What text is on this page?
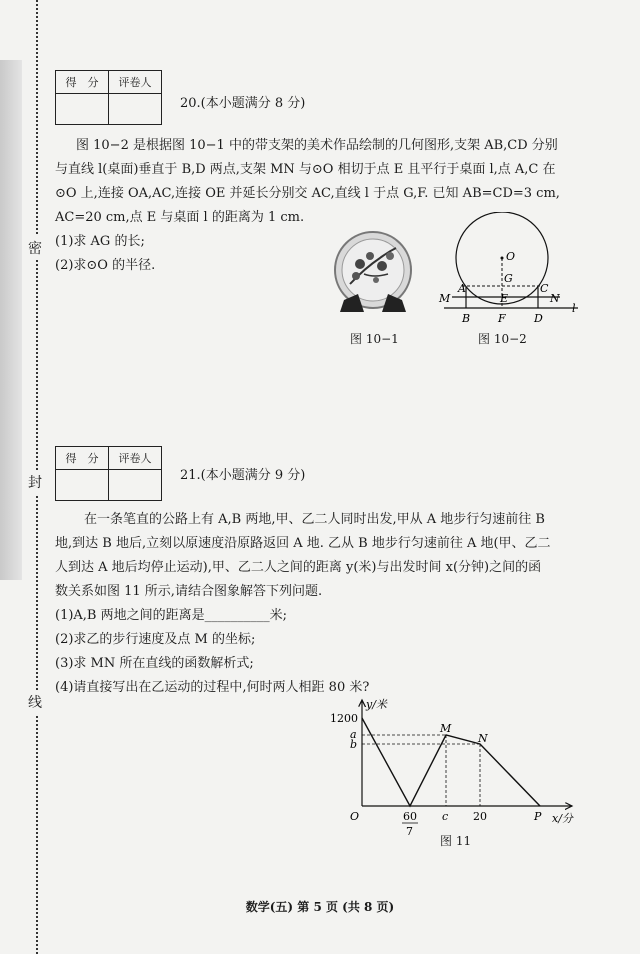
密
封
线
得　分	评卷人

20.(本小题满分 8 分)
图 10−2 是根据图 10−1 中的带支架的美术作品绘制的几何图形,支架 AB,CD 分别
与直线 l(桌面)垂直于 B,D 两点,支架 MN 与⊙O 相切于点 E 且平行于桌面 l,点 A,C 在
⊙O 上,连接 OA,AC,连接 OE 并延长分别交 AC,直线 l 于点 G,F. 已知 AB=CD=3 cm,
AC=20 cm,点 E 与桌面 l 的距离为 1 cm.
(1)求 AG 的长;
(2)求⊙O 的半径.
图 10−1
O
G
A
E
C
M	N
l
B	F	D
图 10−2
得　分	评卷人

21.(本小题满分 9 分)
在一条笔直的公路上有 A,B 两地,甲、乙二人同时出发,甲从 A 地步行匀速前往 B
地,到达 B 地后,立刻以原速度沿原路返回 A 地. 乙从 B 地步行匀速前往 A 地(甲、乙二
人到达 A 地后均停止运动),甲、乙二人之间的距离 y(米)与出发时间 x(分钟)之间的函
数关系如图 11 所示,请结合图象解答下列问题.
(1)A,B 两地之间的距离是__________米;
(2)求乙的步行速度及点 M 的坐标;
(3)求 MN 所在直线的函数解析式;
(4)请直接写出在乙运动的过程中,何时两人相距 80 米?
y/米
x/分
1200
a
b
O	60
7
c 20	P
M
N
图 11
数学(五) 第 5 页 (共 8 页)
